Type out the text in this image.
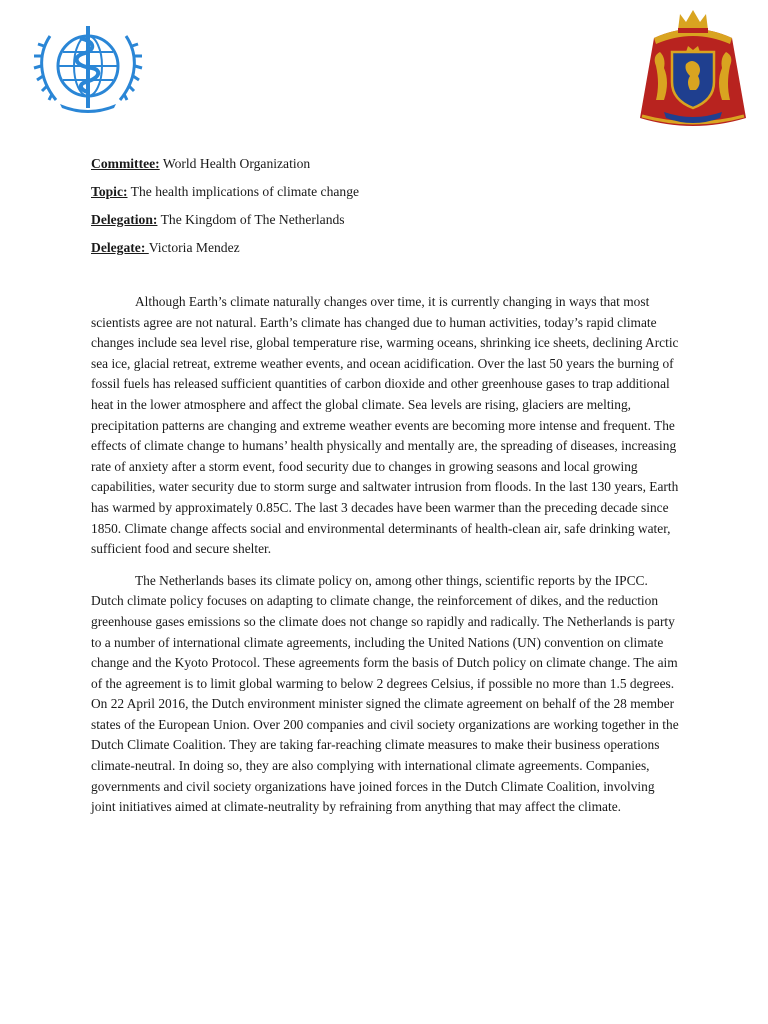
Committee: World Health Organization
Topic: The health implications of climate change
Delegation: The Kingdom of The Netherlands
Delegate: Victoria Mendez

Although Earth’s climate naturally changes over time, it is currently changing in ways that most scientists agree are not natural. Earth’s climate has changed due to human activities, today’s rapid climate changes include sea level rise, global temperature rise, warming oceans, shrinking ice sheets, declining Arctic sea ice, glacial retreat, extreme weather events, and ocean acidification. Over the last 50 years the burning of fossil fuels has released sufficient quantities of carbon dioxide and other greenhouse gases to trap additional heat in the lower atmosphere and affect the global climate. Sea levels are rising, glaciers are melting, precipitation patterns are changing and extreme weather events are becoming more intense and frequent. The effects of climate change to humans’ health physically and mentally are, the spreading of diseases, increasing rate of anxiety after a storm event, food security due to changes in growing seasons and local growing capabilities, water security due to storm surge and saltwater intrusion from floods. In the last 130 years, Earth has warmed by approximately 0.85C. The last 3 decades have been warmer than the preceding decade since 1850. Climate change affects social and environmental determinants of health-clean air, safe drinking water, sufficient food and secure shelter.

The Netherlands bases its climate policy on, among other things, scientific reports by the IPCC. Dutch climate policy focuses on adapting to climate change, the reinforcement of dikes, and the reduction greenhouse gases emissions so the climate does not change so rapidly and radically. The Netherlands is party to a number of international climate agreements, including the United Nations (UN) convention on climate change and the Kyoto Protocol. These agreements form the basis of Dutch policy on climate change. The aim of the agreement is to limit global warming to below 2 degrees Celsius, if possible no more than 1.5 degrees. On 22 April 2016, the Dutch environment minister signed the climate agreement on behalf of the 28 member states of the European Union. Over 200 companies and civil society organizations are working together in the Dutch Climate Coalition. They are taking far-reaching climate measures to make their business operations climate-neutral. In doing so, they are also complying with international climate agreements. Companies, governments and civil society organizations have joined forces in the Dutch Climate Coalition, involving joint initiatives aimed at climate-neutrality by refraining from anything that may affect the climate.
